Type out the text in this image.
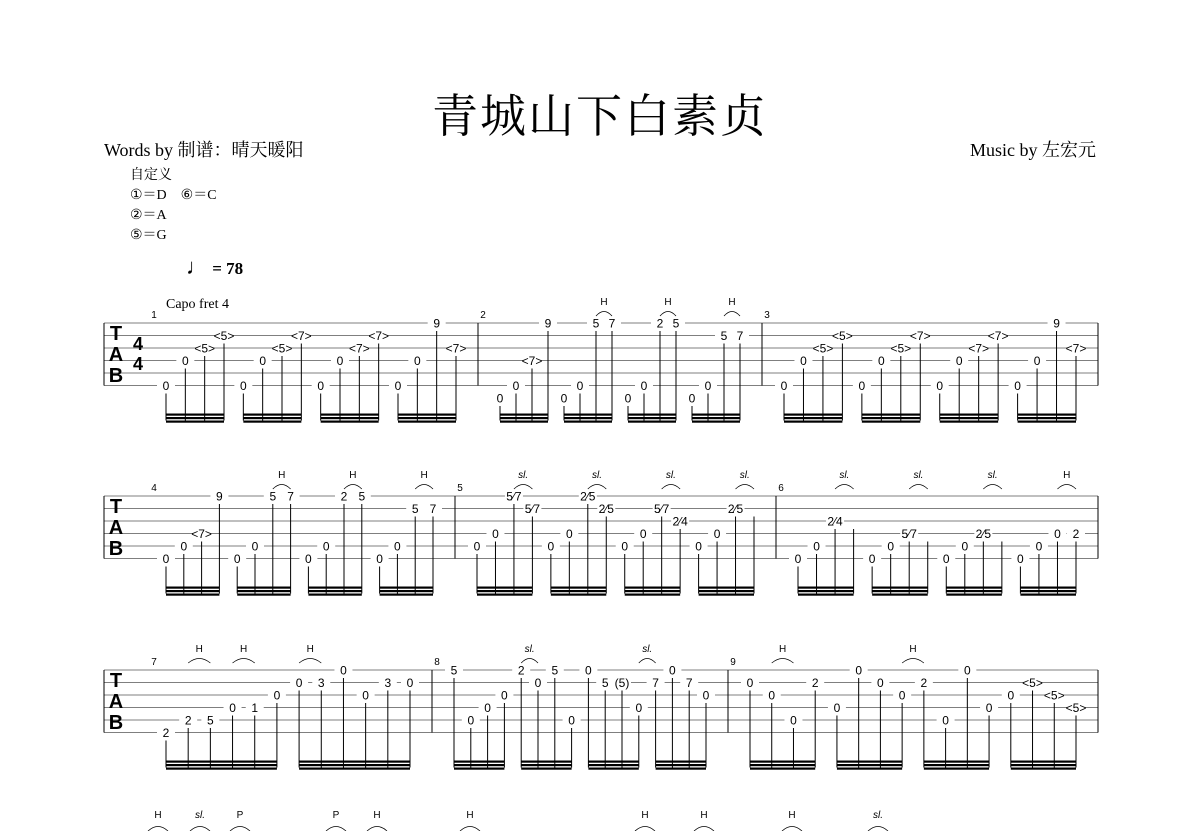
青城山下白素贞
Words by 制谱：晴天暖阳	Music by 左宏元
自定义
①＝D　⑥＝C
②＝A
⑤＝G
♩ = 78
Capo fret 4
T
A
B
4
4
1
0
0
<5>
<5>
0
0
<5>
<7>
0
0
<7>
<7>
0
0
9
<7>
2
0
0
<7>
9
0
0
5 7
0
0
2 5
0
0
5 7
H	H	H
3
0
0
<5>
<5>
0
0
<5>
<7>
0
0
<7>
<7>
0
0
9
<7>
T
A
B
4
0
0
<7>
9
0
0
5 7
0
0
2 5
0
0
5 7
H	H	H
5
0
0
5⁄7
5⁄7
0
0
2⁄5
2⁄5
0
0
5⁄7
2⁄4
0
0
2⁄5
sl.	sl.	sl.	sl.
6
0
0
2⁄4
0
0
5⁄7
0
0
2⁄5
0
0
0 2
sl.	sl.	sl.	H
T
A
B
7
2
2 5
0 1
0
0 3
0
0
3 0
H	H	H
8
5
0
0
0
2
0
5
0
0
5 (5)
0
7
0
7
0
sl.	sl.
9
0
0
0
2
0
0
0
0
2
0
0
0
0
<5>
<5>
<5>
H	H
H	sl.	P	P	H	H	H	H	H	sl.
